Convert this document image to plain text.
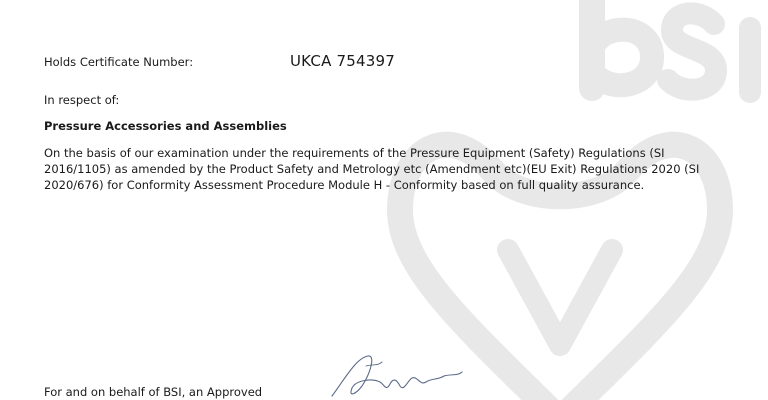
Holds Certificate Number:	UKCA 754397
In respect of:
Pressure Accessories and Assemblies
On the basis of our examination under the requirements of the Pressure Equipment (Safety) Regulations (SI 2016/1105) as amended by the Product Safety and Metrology etc (Amendment etc)(EU Exit) Regulations 2020 (SI 2020/676) for Conformity Assessment Procedure Module H - Conformity based on full quality assurance.
For and on behalf of BSI, an Approved
